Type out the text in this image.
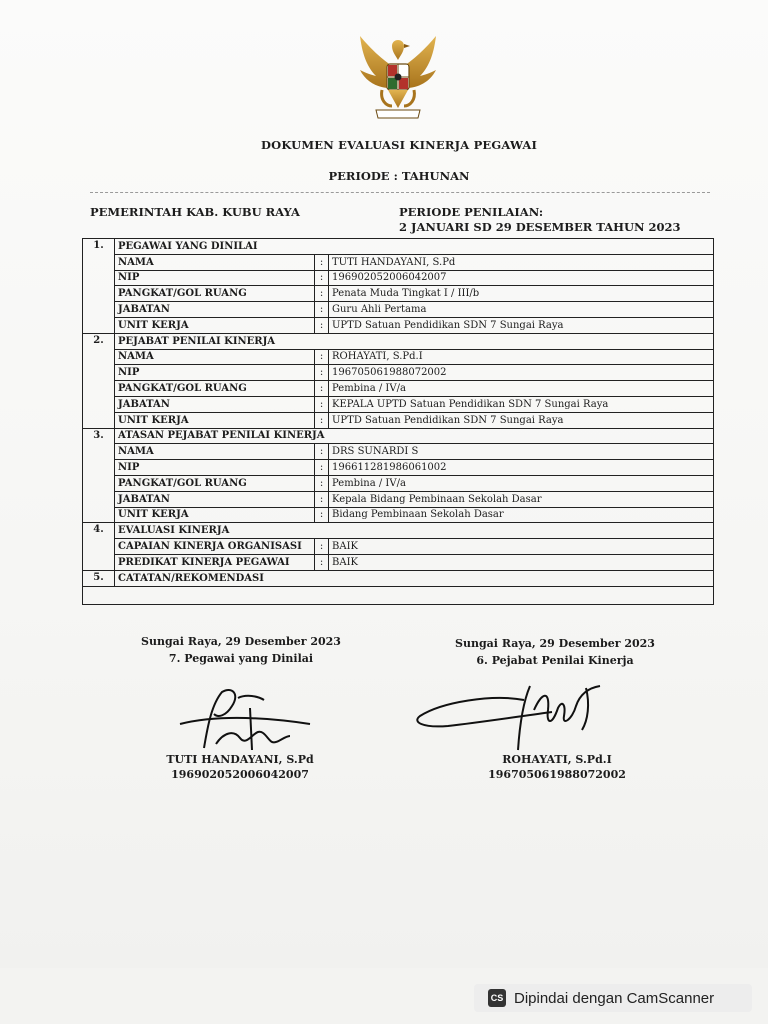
DOKUMEN EVALUASI KINERJA PEGAWAI
PERIODE : TAHUNAN
PEMERINTAH KAB. KUBU RAYA	PERIODE PENILAIAN:
2 JANUARI SD 29 DESEMBER TAHUN 2023
1.	PEGAWAI YANG DINILAI		
	NAMA	:	TUTI HANDAYANI, S.Pd
	NIP	:	196902052006042007
	PANGKAT/GOL RUANG	:	Penata Muda Tingkat I / III/b
	JABATAN	:	Guru Ahli Pertama
	UNIT KERJA	:	UPTD Satuan Pendidikan SDN 7 Sungai Raya
2.	PEJABAT PENILAI KINERJA		
	NAMA	:	ROHAYATI, S.Pd.I
	NIP	:	196705061988072002
	PANGKAT/GOL RUANG	:	Pembina / IV/a
	JABATAN	:	KEPALA UPTD Satuan Pendidikan SDN 7 Sungai Raya
	UNIT KERJA	:	UPTD Satuan Pendidikan SDN 7 Sungai Raya
3.	ATASAN PEJABAT PENILAI KINERJA		
	NAMA	:	DRS SUNARDI S
	NIP	:	196611281986061002
	PANGKAT/GOL RUANG	:	Pembina / IV/a
	JABATAN	:	Kepala Bidang Pembinaan Sekolah Dasar
	UNIT KERJA	:	Bidang Pembinaan Sekolah Dasar
4.	EVALUASI KINERJA		
	CAPAIAN KINERJA ORGANISASI	:	BAIK
	PREDIKAT KINERJA PEGAWAI	:	BAIK
5.	CATATAN/REKOMENDASI		

Sungai Raya, 29 Desember 2023
7. Pegawai yang Dinilai
TUTI HANDAYANI, S.Pd
196902052006042007
Sungai Raya, 29 Desember 2023
6. Pejabat Penilai Kinerja
ROHAYATI, S.Pd.I
196705061988072002
CS Dipindai dengan CamScanner
